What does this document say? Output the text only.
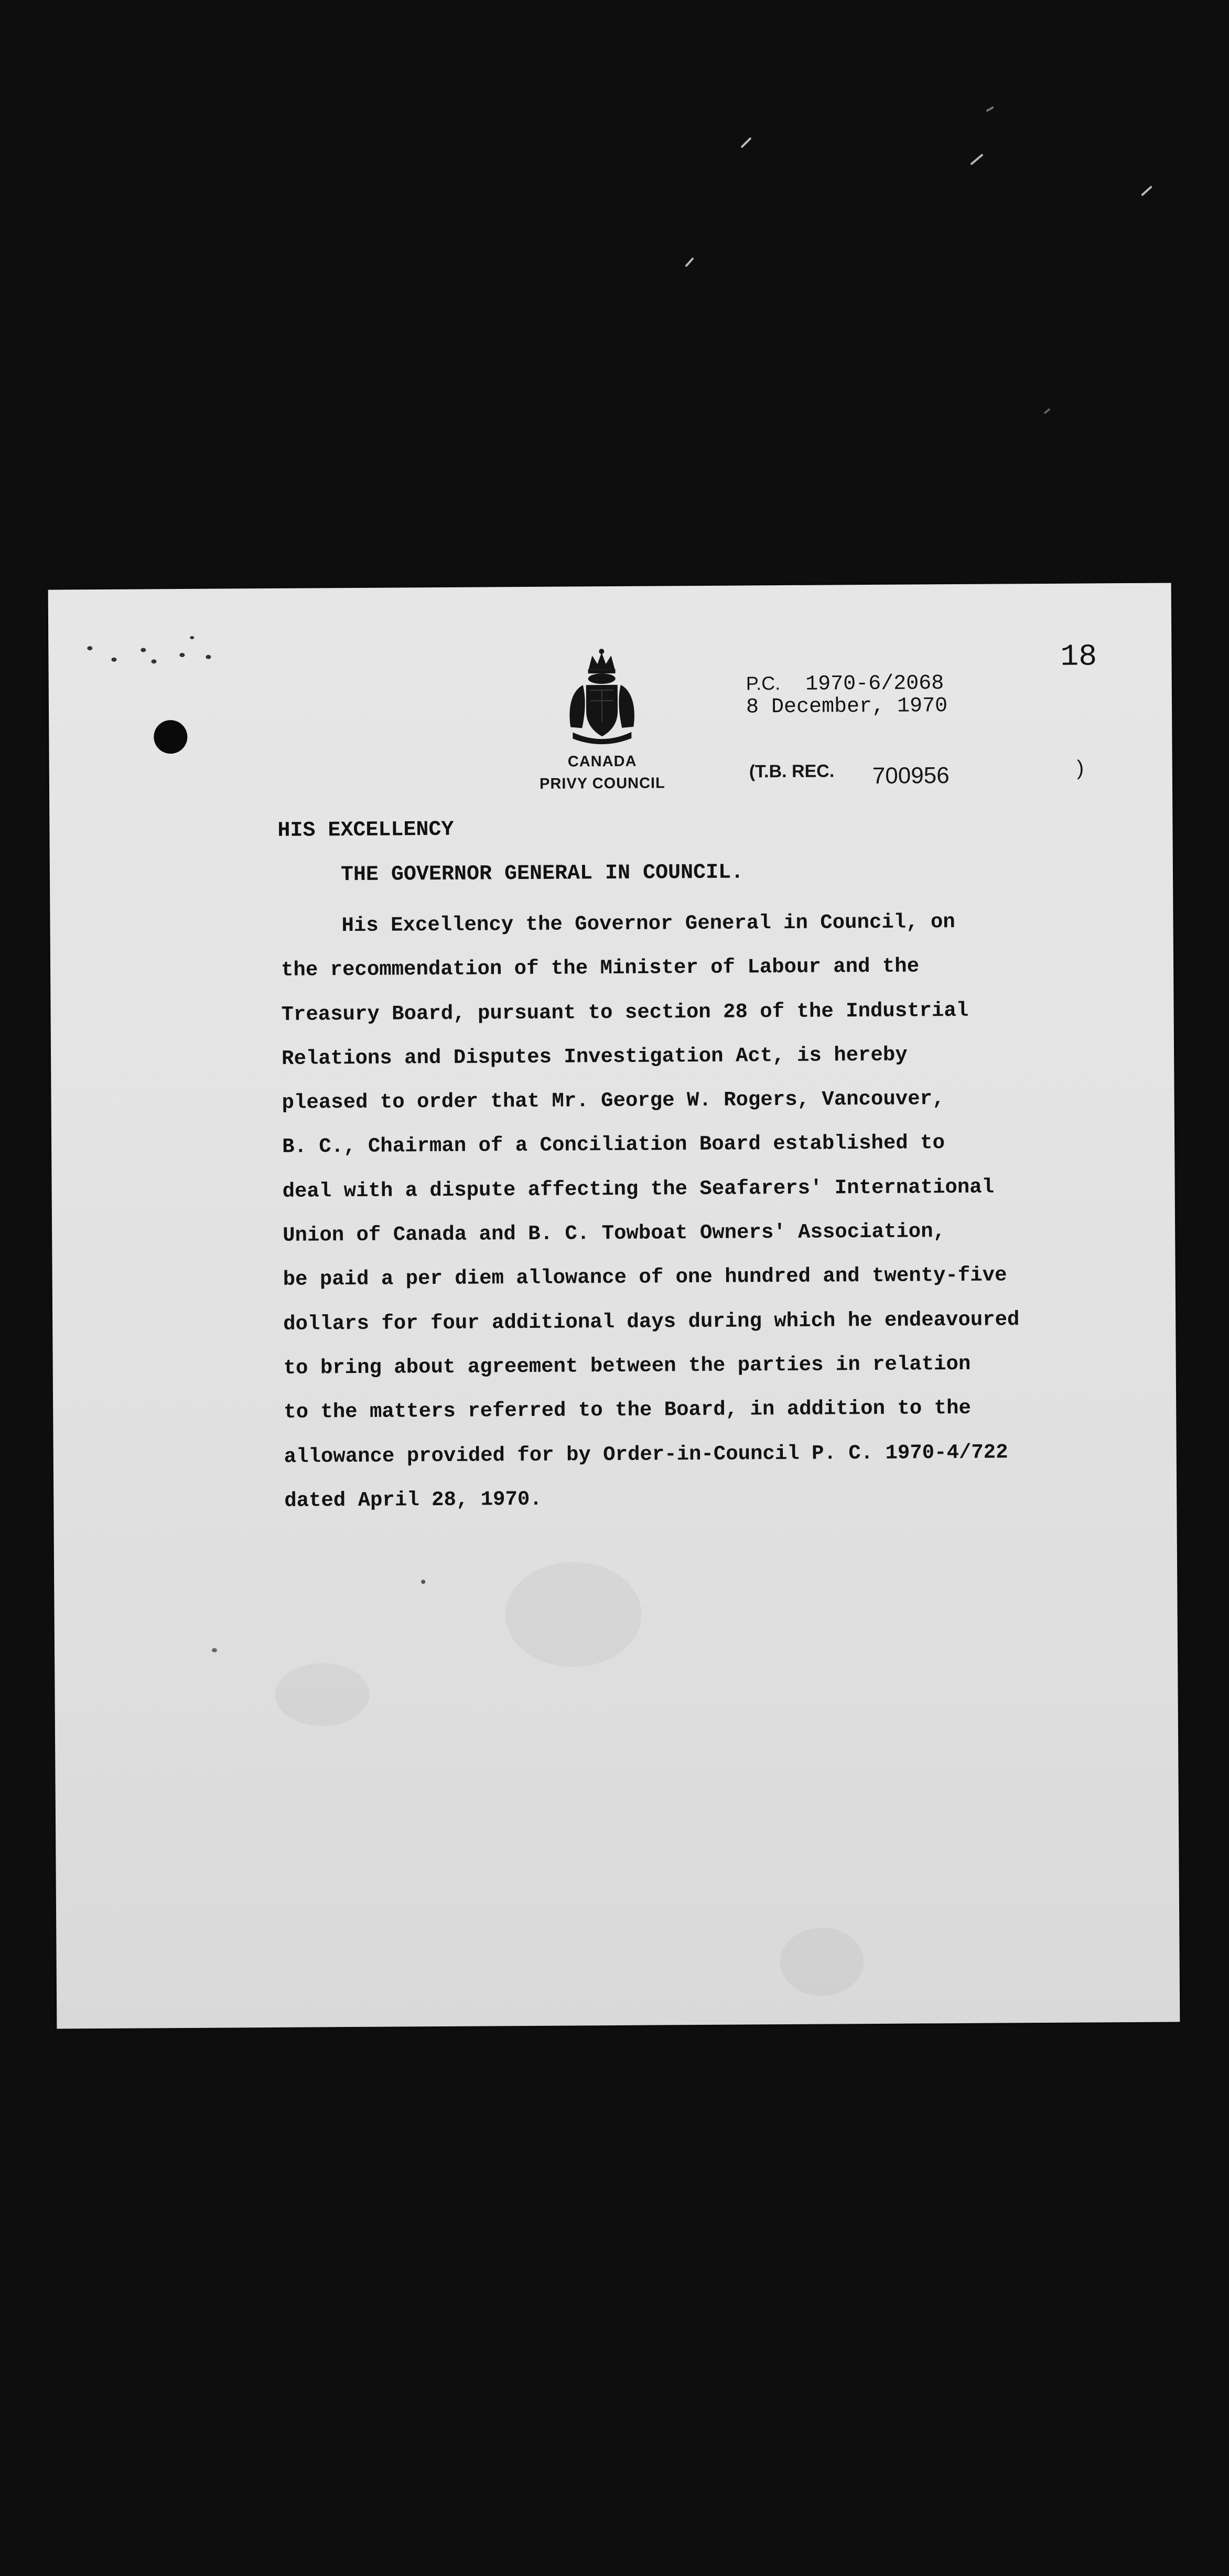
18
CANADA
PRIVY COUNCIL
P.C. 1970-6/2068
8 December, 1970
(T.B. REC. 700956	)
HIS EXCELLENCY
THE GOVERNOR GENERAL IN COUNCIL.
His Excellency the Governor General in Council, on
the recommendation of the Minister of Labour and the
Treasury Board, pursuant to section 28 of the Industrial
Relations and Disputes Investigation Act, is hereby
pleased to order that Mr. George W. Rogers, Vancouver,
B. C., Chairman of a Conciliation Board established to
deal with a dispute affecting the Seafarers' International
Union of Canada and B. C. Towboat Owners' Association,
be paid a per diem allowance of one hundred and twenty-five
dollars for four additional days during which he endeavoured
to bring about agreement between the parties in relation
to the matters referred to the Board, in addition to the
allowance provided for by Order-in-Council P. C. 1970-4/722
dated April 28, 1970.
